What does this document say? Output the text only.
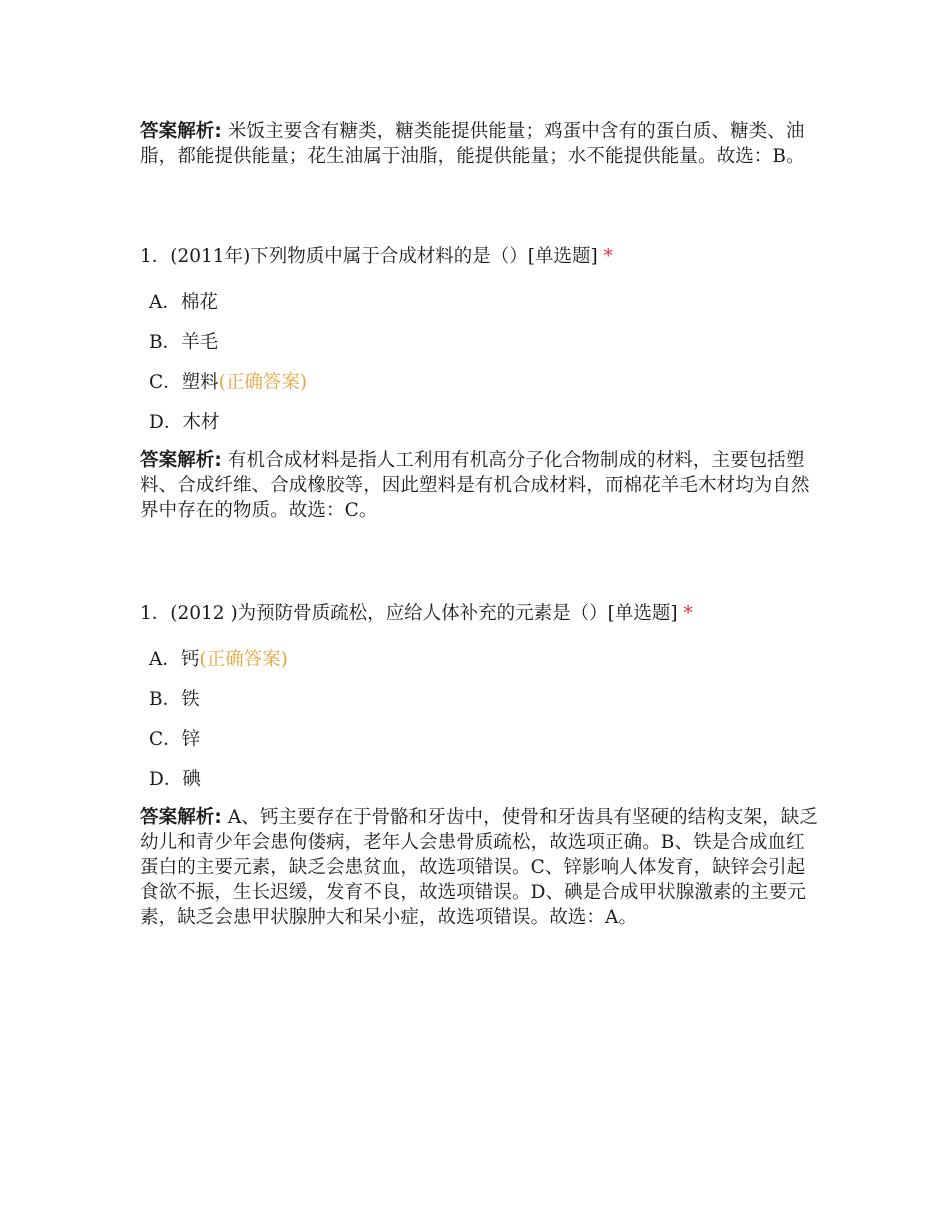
答案解析: 米饭主要含有糖类，糖类能提供能量；鸡蛋中含有的蛋白质、糖类、油脂，都能提供能量；花生油属于油脂，能提供能量；水不能提供能量。故选：B。

1．(2011年)下列物质中属于合成材料的是（）[单选题] *

A．棉花

B．羊毛

C．塑料(正确答案)

D．木材

答案解析: 有机合成材料是指人工利用有机高分子化合物制成的材料，主要包括塑料、合成纤维、合成橡胶等，因此塑料是有机合成材料，而棉花羊毛木材均为自然界中存在的物质。故选：C。

1．(2012 )为预防骨质疏松，应给人体补充的元素是（）[单选题] *

A．钙(正确答案)

B．铁

C．锌

D．碘

答案解析: A、钙主要存在于骨骼和牙齿中，使骨和牙齿具有坚硬的结构支架，缺乏幼儿和青少年会患佝偻病，老年人会患骨质疏松，故选项正确。B、铁是合成血红蛋白的主要元素，缺乏会患贫血，故选项错误。C、锌影响人体发育，缺锌会引起食欲不振，生长迟缓，发育不良，故选项错误。D、碘是合成甲状腺激素的主要元素，缺乏会患甲状腺肿大和呆小症，故选项错误。故选：A。
